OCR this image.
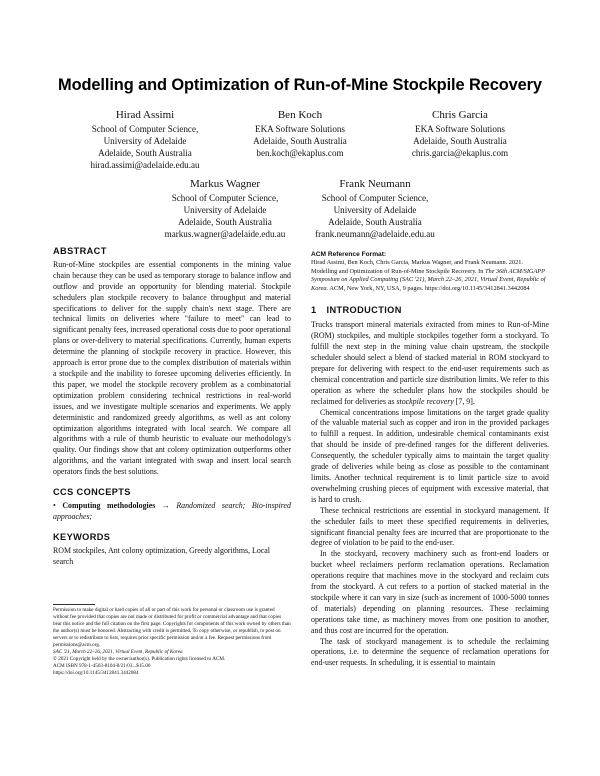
Modelling and Optimization of Run-of-Mine Stockpile Recovery
Hirad Assimi
School of Computer Science,
University of Adelaide
Adelaide, South Australia
hirad.assimi@adelaide.edu.au
Ben Koch
EKA Software Solutions
Adelaide, South Australia
ben.koch@ekaplus.com
Chris Garcia
EKA Software Solutions
Adelaide, South Australia
chris.garcia@ekaplus.com
Markus Wagner
School of Computer Science,
University of Adelaide
Adelaide, South Australia
markus.wagner@adelaide.edu.au
Frank Neumann
School of Computer Science,
University of Adelaide
Adelaide, South Australia
frank.neumann@adelaide.edu.au
ABSTRACT

Run-of-Mine stockpiles are essential components in the mining value chain because they can be used as temporary storage to balance inflow and outflow and provide an opportunity for blending material. Stockpile schedulers plan stockpile recovery to balance throughput and material specifications to deliver for the supply chain's next stage. There are technical limits on deliveries where "failure to meet" can lead to significant penalty fees, increased operational costs due to poor operational plans or over-delivery to material specifications. Currently, human experts determine the planning of stockpile recovery in practice. However, this approach is error prone due to the complex distribution of materials within a stockpile and the inability to foresee upcoming deliveries efficiently. In this paper, we model the stockpile recovery problem as a combinatorial optimization problem considering technical restrictions in real-world issues, and we investigate multiple scenarios and experiments. We apply deterministic and randomized greedy algorithms, as well as ant colony optimization algorithms integrated with local search. We compare all algorithms with a rule of thumb heuristic to evaluate our methodology's quality. Our findings show that ant colony optimization outperforms other algorithms, and the variant integrated with swap and insert local search operators finds the best solutions.

CCS CONCEPTS
• Computing methodologies → Randomized search; Bio-inspired approaches;
KEYWORDS

ROM stockpiles, Ant colony optimization, Greedy algorithms, Local search

Permission to make digital or hard copies of all or part of this work for personal or classroom use is granted without fee provided that copies are not made or distributed for profit or commercial advantage and that copies bear this notice and the full citation on the first page. Copyrights for components of this work owned by others than the author(s) must be honored. Abstracting with credit is permitted. To copy otherwise, or republish, to post on servers or to redistribute to lists, requires prior specific permission and/or a fee. Request permissions from permissions@acm.org.

SAC '21, March 22–26, 2021, Virtual Event, Republic of Korea

© 2021 Copyright held by the owner/author(s). Publication rights licensed to ACM.

ACM ISBN 978-1-4503-8104-8/21/03...$15.00

https://doi.org/10.1145/3412841.3442084

ACM Reference Format:
Hirad Assimi, Ben Koch, Chris Garcia, Markus Wagner, and Frank Neumann. 2021. Modelling and Optimization of Run-of-Mine Stockpile Recovery. In The 36th ACM/SIGAPP Symposium on Applied Computing (SAC '21), March 22–26, 2021, Virtual Event, Republic of Korea. ACM, New York, NY, USA, 9 pages. https://doi.org/10.1145/3412841.3442084
1 INTRODUCTION

Trucks transport mineral materials extracted from mines to Run-of-Mine (ROM) stockpiles, and multiple stockpiles together form a stockyard. To fulfill the next step in the mining value chain upstream, the stockpile scheduler should select a blend of stacked material in ROM stockyard to prepare for delivering with respect to the end-user requirements such as chemical concentration and particle size distribution limits. We refer to this operation as where the scheduler plans how the stockpiles should be reclaimed for deliveries as stockpile recovery [7, 9].

Chemical concentrations impose limitations on the target grade quality of the valuable material such as copper and iron in the provided packages to fulfill a request. In addition, undesirable chemical contaminants exist that should be inside of pre-defined ranges for the different deliveries. Consequently, the scheduler typically aims to maintain the target quality grade of deliveries while being as close as possible to the contaminant limits. Another technical requirement is to limit particle size to avoid overwhelming crushing pieces of equipment with excessive material, that is hard to crush.

These technical restrictions are essential in stockyard management. If the scheduler fails to meet these specified requirements in deliveries, significant financial penalty fees are incurred that are proportionate to the degree of violation to be paid to the end-user.

In the stockyard, recovery machinery such as front-end loaders or bucket wheel reclaimers perform reclamation operations. Reclamation operations require that machines move in the stockyard and reclaim cuts from the stockyard. A cut refers to a portion of stacked material in the stockpile where it can vary in size (such as increment of 1000-5000 tonnes of materials) depending on planning resources. These reclaiming operations take time, as machinery moves from one position to another, and thus cost are incurred for the operation.

The task of stockyard management is to schedule the reclaiming operations, i.e. to determine the sequence of reclamation operations for end-user requests. In scheduling, it is essential to maintain
